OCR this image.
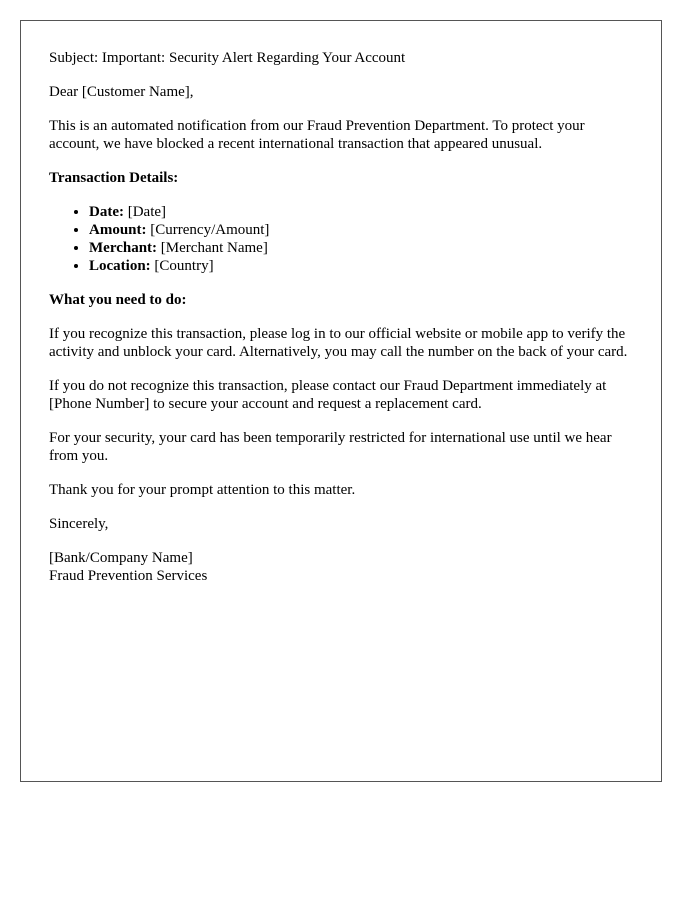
Subject: Important: Security Alert Regarding Your Account

Dear [Customer Name],

This is an automated notification from our Fraud Prevention Department. To protect your account, we have blocked a recent international transaction that appeared unusual.

Transaction Details:

• Date: [Date]
• Amount: [Currency/Amount]
• Merchant: [Merchant Name]
• Location: [Country]

What you need to do:

If you recognize this transaction, please log in to our official website or mobile app to verify the activity and unblock your card. Alternatively, you may call the number on the back of your card.

If you do not recognize this transaction, please contact our Fraud Department immediately at [Phone Number] to secure your account and request a replacement card.

For your security, your card has been temporarily restricted for international use until we hear from you.

Thank you for your prompt attention to this matter.

Sincerely,

[Bank/Company Name]
Fraud Prevention Services
